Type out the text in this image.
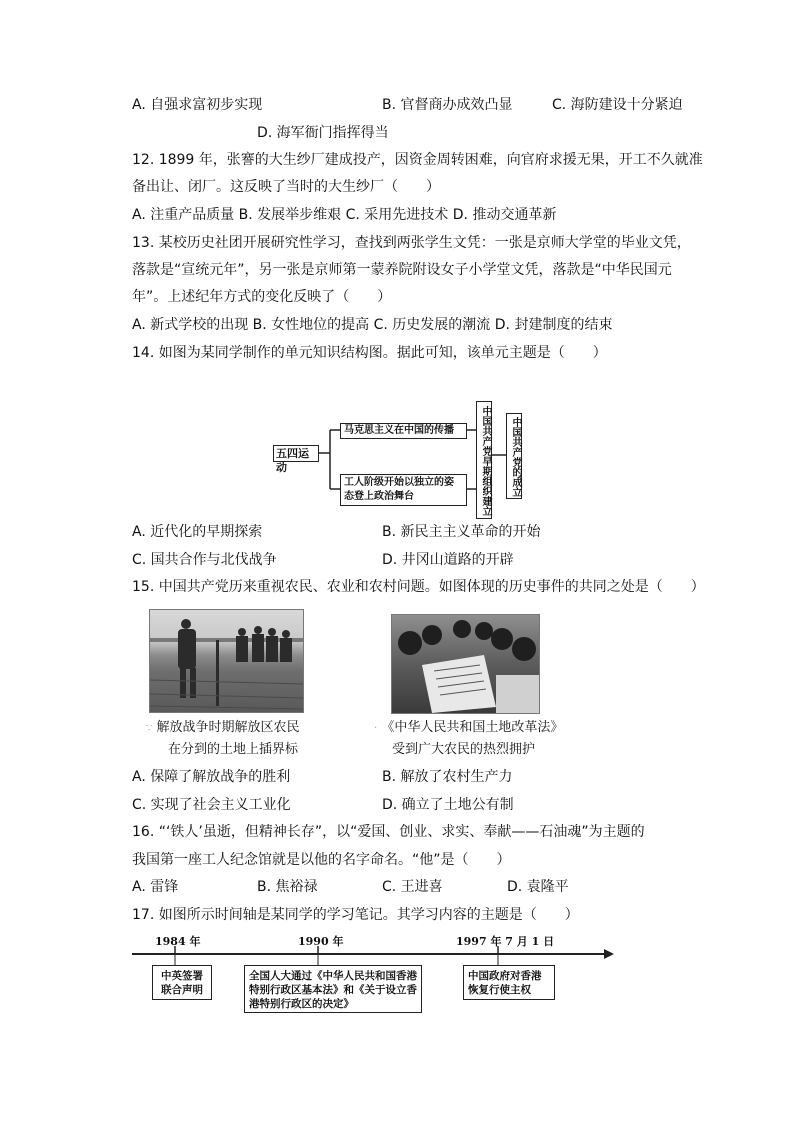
A. 自强求富初步实现	B. 官督商办成效凸显	C. 海防建设十分紧迫
D. 海军衙门指挥得当
12. 1899 年，张謇的大生纱厂建成投产，因资金周转困难，向官府求援无果，开工不久就准
备出让、闭厂。这反映了当时的大生纱厂（　　）
A. 注重产品质量 B. 发展举步维艰 C. 采用先进技术 D. 推动交通革新
13. 某校历史社团开展研究性学习，查找到两张学生文凭：一张是京师大学堂的毕业文凭，
落款是“宣统元年”，另一张是京师第一蒙养院附设女子小学堂文凭，落款是“中华民国元
年”。上述纪年方式的变化反映了（　　）
A. 新式学校的出现 B. 女性地位的提高 C. 历史发展的潮流 D. 封建制度的结束
14. 如图为某同学制作的单元知识结构图。据此可知，该单元主题是（　　）
五四运动
马克思主义在中国的传播
工人阶级开始以独立的姿态登上政治舞台	中国共产党早期组织建立	中国共产党的成立
A. 近代化的早期探索	B. 新民主主义革命的开始
C. 国共合作与北伐战争	D. 井冈山道路的开辟
15. 中国共产党历来重视农民、农业和农村问题。如图体现的历史事件的共同之处是（　　）
∵ 解放战争时期解放区农民
在分到的土地上插界标
· 《中华人民共和国土地改革法》
受到广大农民的热烈拥护
A. 保障了解放战争的胜利	B. 解放了农村生产力
C. 实现了社会主义工业化	D. 确立了土地公有制
16. “‘铁人’虽逝，但精神长存”，以“爱国、创业、求实、奉献——石油魂”为主题的
我国第一座工人纪念馆就是以他的名字命名。“他”是（　　）
A. 雷锋	B. 焦裕禄	C. 王进喜	D. 袁隆平
17. 如图所示时间轴是某同学的学习笔记。其学习内容的主题是（　　）
1984 年	1990 年	1997 年 7 月 1 日
中英签署联合声明
全国人大通过《中华人民共和国香港特别行政区基本法》和《关于设立香港特别行政区的决定》
中国政府对香港恢复行使主权
